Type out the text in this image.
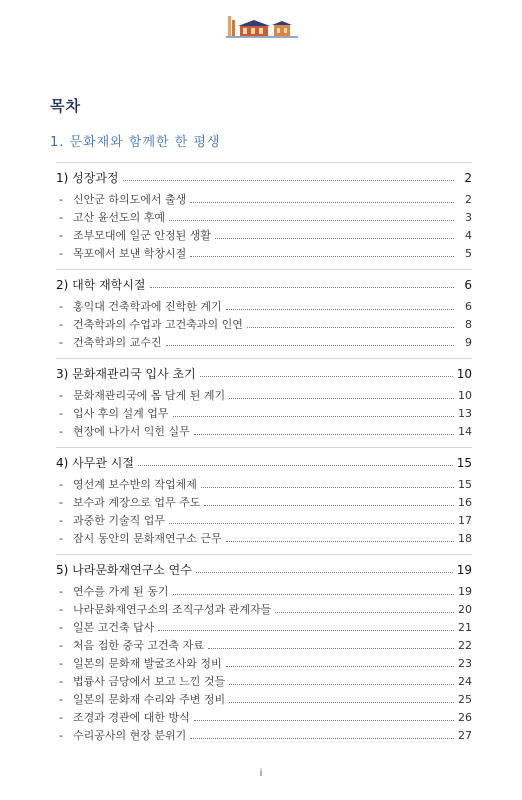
목차
1. 문화재와 함께한 한 평생
1) 성장과정	2
- 신안군 하의도에서 출생	2
- 고산 윤선도의 후예	3
- 조부모대에 일군 안정된 생활	4
- 목포에서 보낸 학창시절	5
2) 대학 재학시절	6
- 홍익대 건축학과에 진학한 계기	6
- 건축학과의 수업과 고건축과의 인연	8
- 건축학과의 교수진	9
3) 문화재관리국 입사 초기	10
- 문화재관리국에 몸 담게 된 계기	10
- 입사 후의 설계 업무	13
- 현장에 나가서 익힌 실무	14
4) 사무관 시절	15
- 영선계 보수반의 작업체제	15
- 보수과 계장으로 업무 주도	16
- 과중한 기술직 업무	17
- 잠시 동안의 문화재연구소 근무	18
5) 나라문화재연구소 연수	19
- 연수를 가게 된 동기	19
- 나라문화재연구소의 조직구성과 관계자들	20
- 일본 고건축 답사	21
- 처음 접한 중국 고건축 자료	22
- 일본의 문화재 발굴조사와 정비	23
- 법륭사 금당에서 보고 느낀 것들	24
- 일본의 문화재 수리와 주변 정비	25
- 조경과 경관에 대한 방식	26
- 수리공사의 현장 분위기	27
i
